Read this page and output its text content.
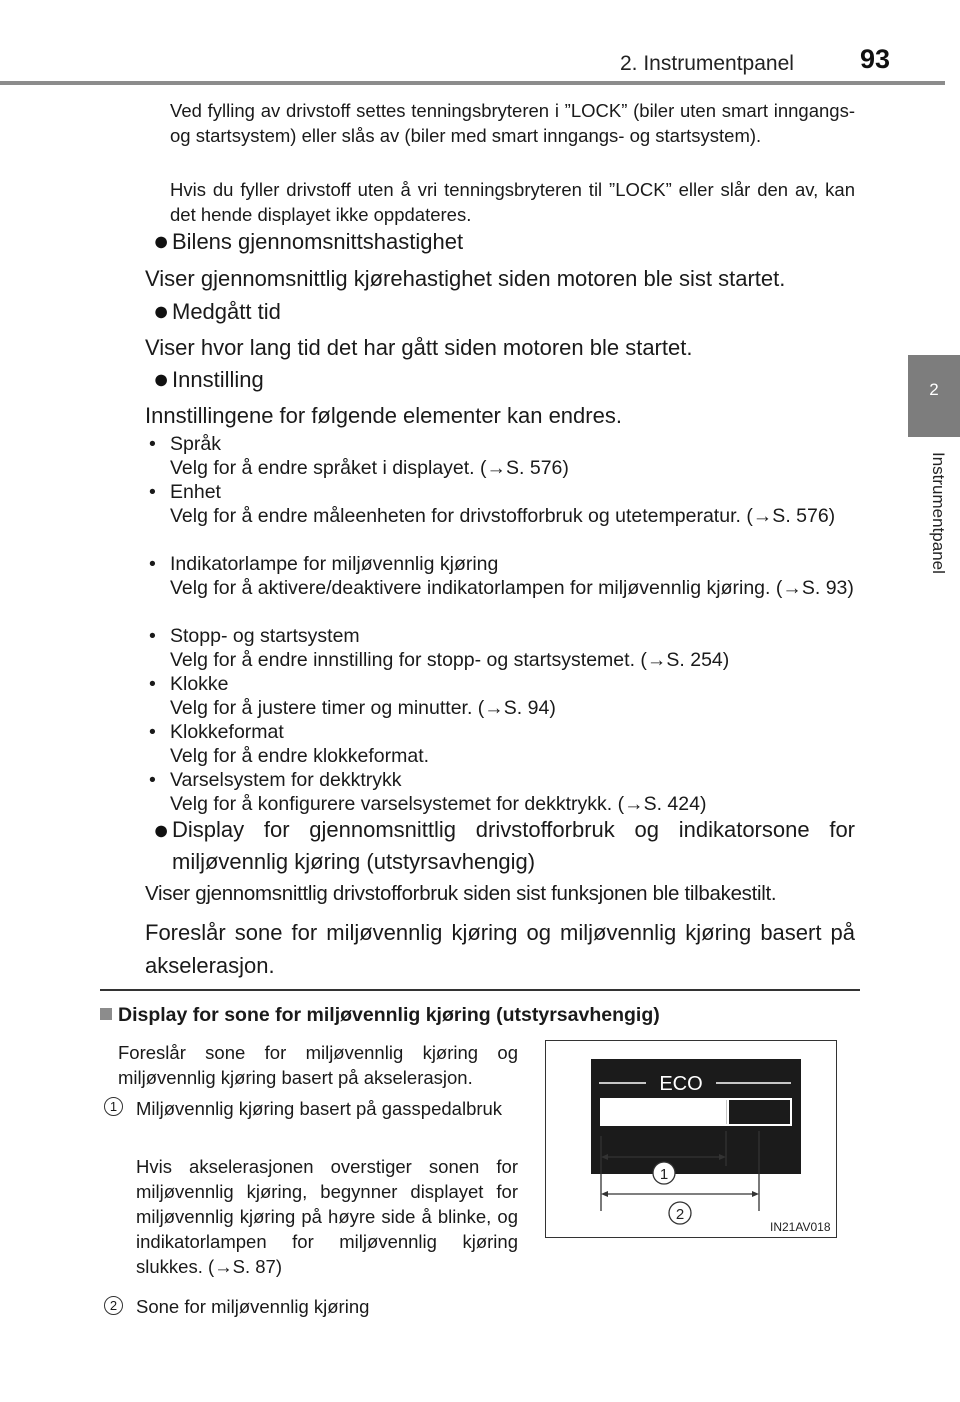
2. Instrumentpanel 93
2
Instrumentpanel
Ved fylling av drivstoff settes tenningsbryteren i ”LOCK” (biler uten smart inngangs- og startsystem) eller slås av (biler med smart inngangs- og startsystem).
Hvis du fyller drivstoff uten å vri tenningsbryteren til ”LOCK” eller slår den av, kan det hende displayet ikke oppdateres.
● Bilens gjennomsnittshastighet
Viser gjennomsnittlig kjørehastighet siden motoren ble sist startet.
● Medgått tid
Viser hvor lang tid det har gått siden motoren ble startet.
● Innstilling
Innstillingene for følgende elementer kan endres.
• Språk
Velg for å endre språket i displayet. (→S. 576)
• Enhet
Velg for å endre måleenheten for drivstofforbruk og utetemperatur. (→S. 576)
• Indikatorlampe for miljøvennlig kjøring
Velg for å aktivere/deaktivere indikatorlampen for miljøvennlig kjøring. (→S. 93)
• Stopp- og startsystem
Velg for å endre innstilling for stopp- og startsystemet. (→S. 254)
• Klokke
Velg for å justere timer og minutter. (→S. 94)
• Klokkeformat
Velg for å endre klokkeformat.
• Varselsystem for dekktrykk
Velg for å konfigurere varselsystemet for dekktrykk. (→S. 424)
● Display for gjennomsnittlig drivstofforbruk og indikatorsone for miljøvennlig kjøring (utstyrsavhengig)
Viser gjennomsnittlig drivstofforbruk siden sist funksjonen ble tilbakestilt.
Foreslår sone for miljøvennlig kjøring og miljøvennlig kjøring basert på akselerasjon.
Display for sone for miljøvennlig kjøring (utstyrsavhengig)
Foreslår sone for miljøvennlig kjøring og miljøvennlig kjøring basert på akselerasjon.
1	Miljøvennlig kjøring basert på gasspedalbruk
Hvis akselerasjonen overstiger sonen for miljøvennlig kjøring, begynner displayet for miljøvennlig kjøring på høyre side å blinke, og indikatorlampen for miljøvennlig kjøring slukkes. (→S. 87)
2	Sone for miljøvennlig kjøring
ECO
1
2
IN21AV018
